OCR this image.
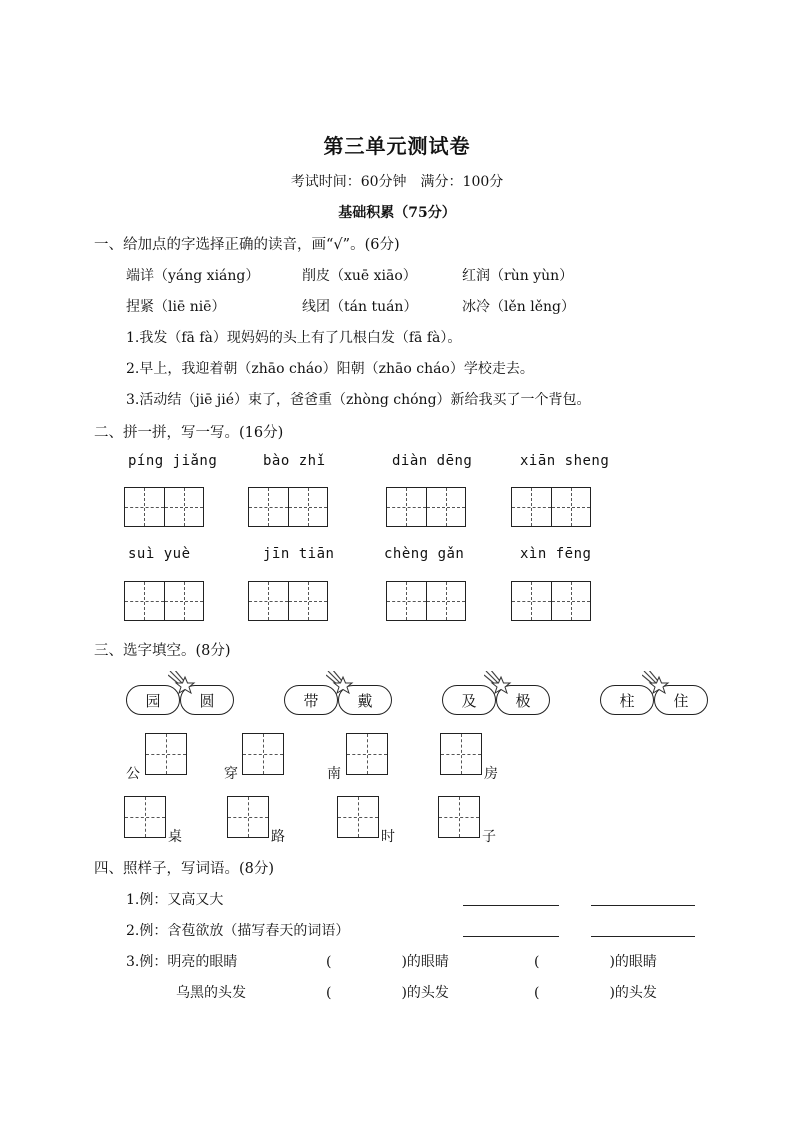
第三单元测试卷
考试时间：60分钟　满分：100分
基础积累（75分）
一、给加点的字选择正确的读音，画“√”。(6分)
端详（yáng xiáng）	削皮（xuē xiāo）	红润（rùn yùn）
捏紧（liē niē）	线团（tán tuán）	冰冷（lěn lěng）
1.我发（fā fà）现妈妈的头上有了几根白发（fā fà）。
2.早上，我迎着朝（zhāo cháo）阳朝（zhāo cháo）学校走去。
3.活动结（jiē jié）束了，爸爸重（zhòng chóng）新给我买了一个背包。
二、拼一拼，写一写。(16分)
píng jiǎng	bào zhǐ	diàn dēng	xiān sheng
suì yuè	jīn tiān	chèng gǎn	xìn fēng
三、选字填空。(8分)
园	圆	带	戴	及	极	柱	住
公	穿	南	房
桌	路	时	子
四、照样子，写词语。(8分)
1.例：又高又大
2.例：含苞欲放（描写春天的词语）
3.例：明亮的眼睛	(　　　　　)的眼睛	(　　　　　)的眼睛
乌黑的头发	(　　　　　)的头发	(　　　　　)的头发
